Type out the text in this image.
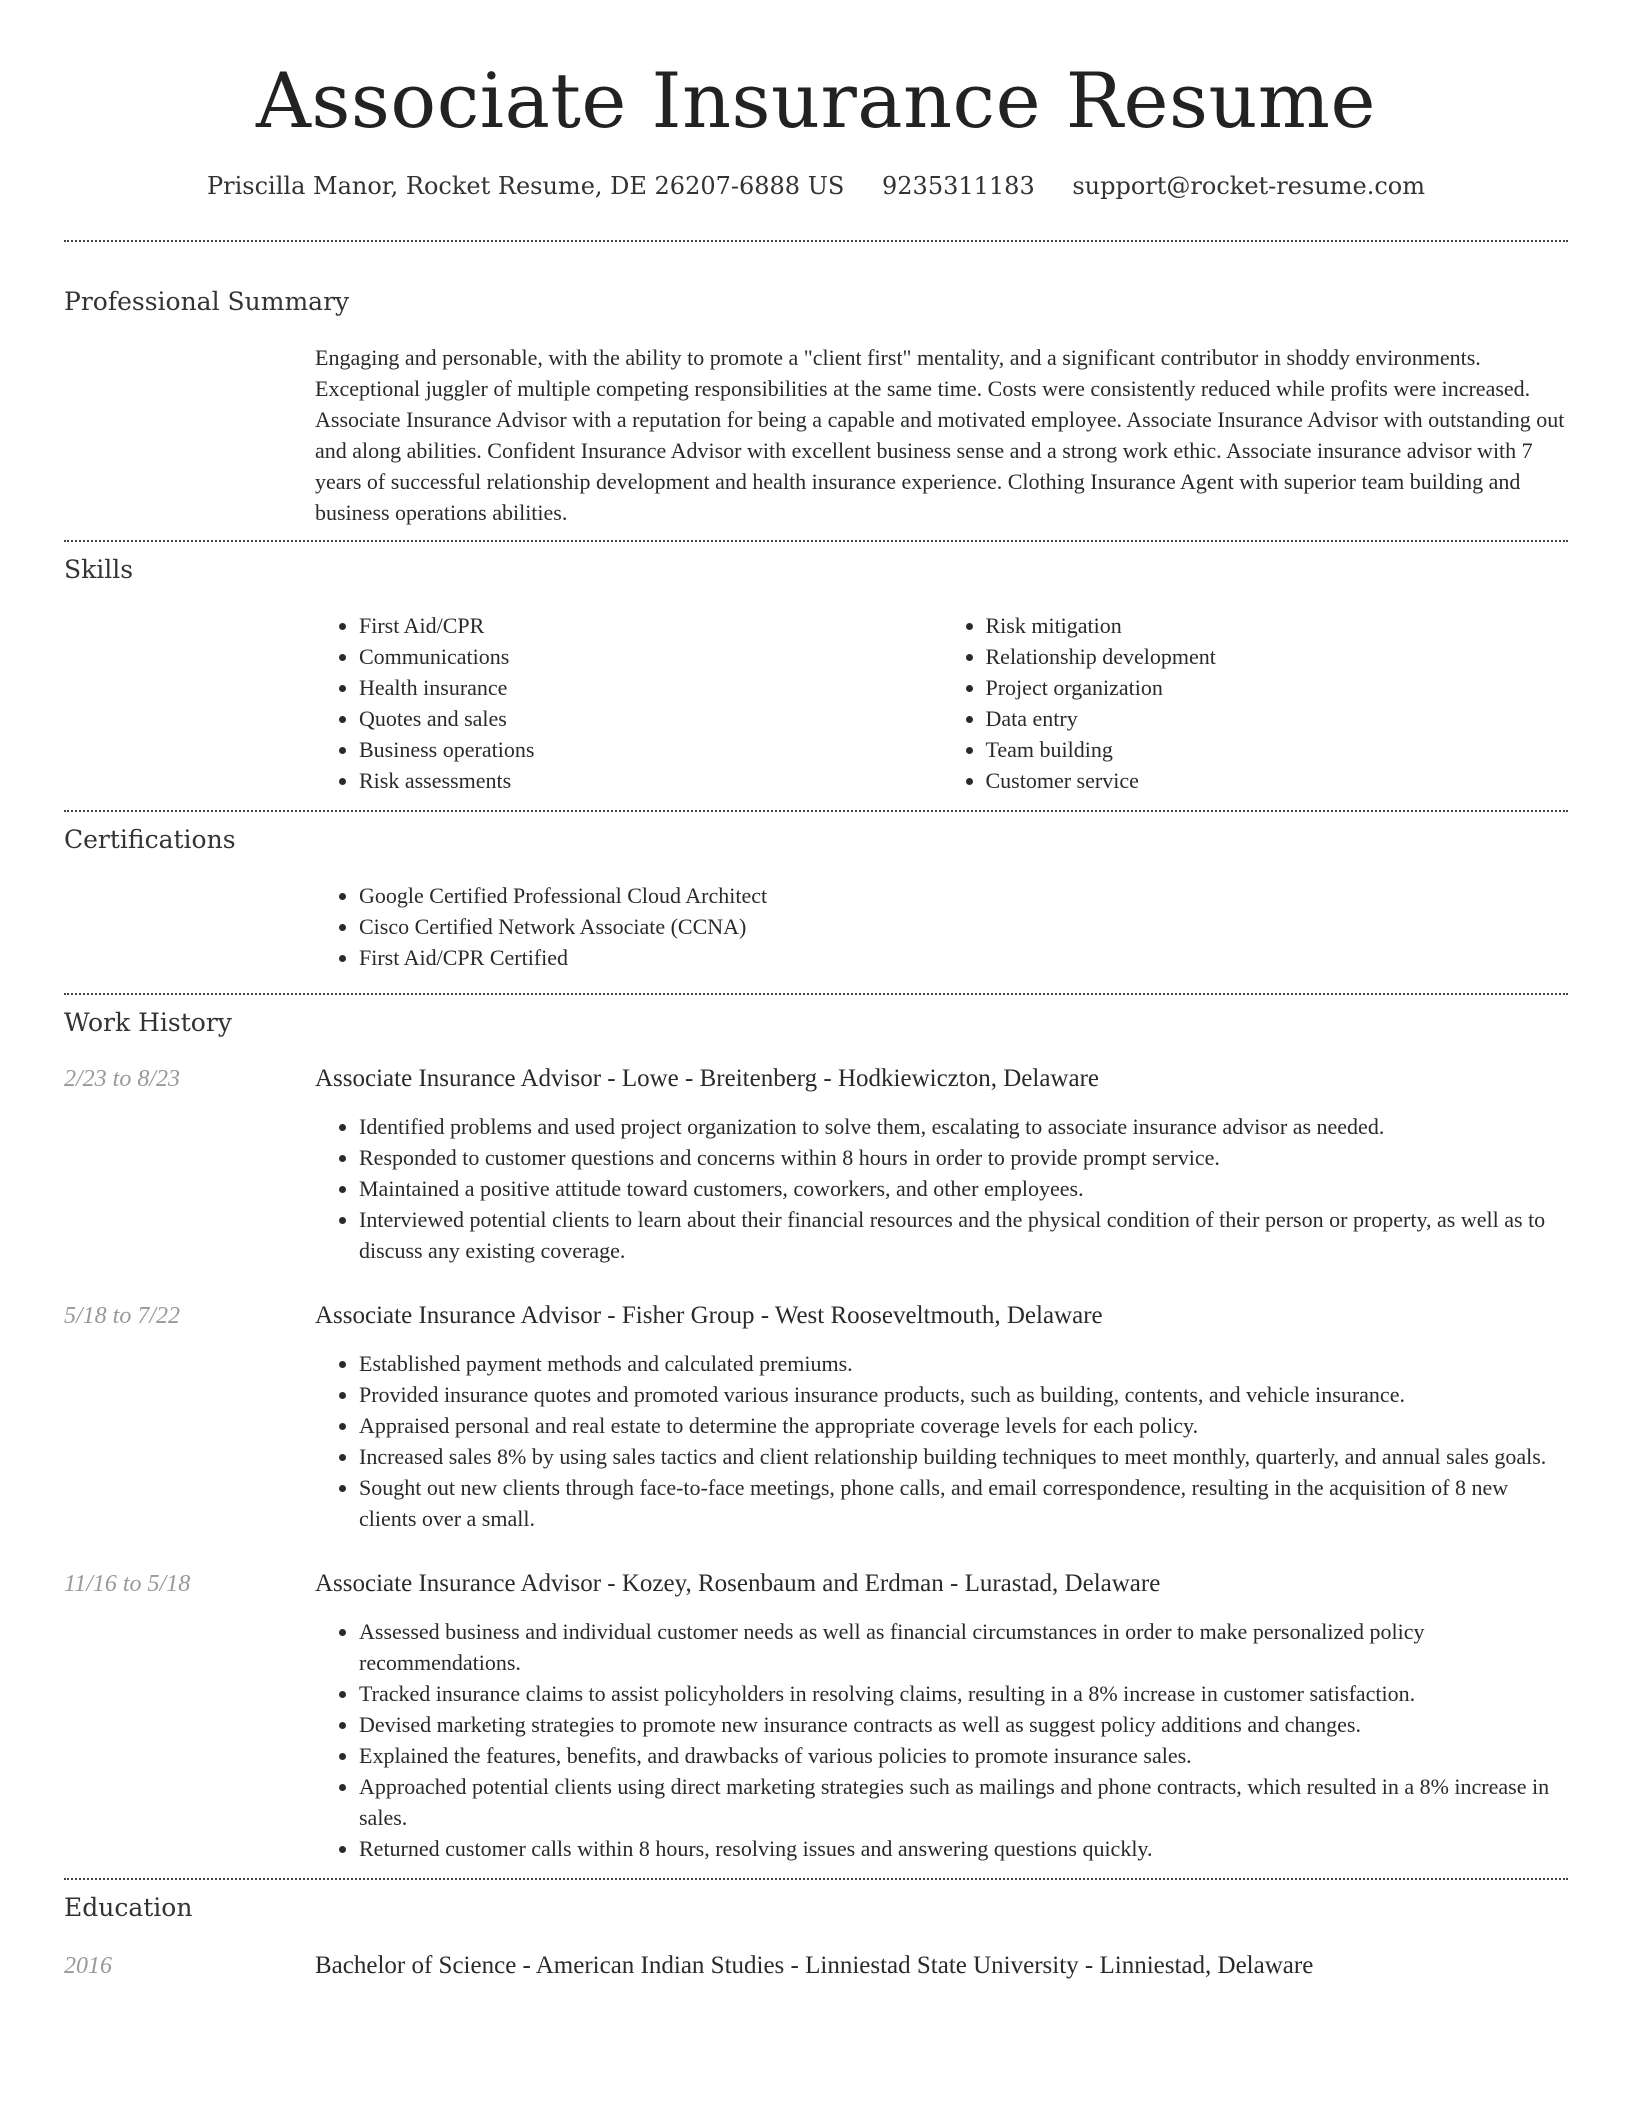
Associate Insurance Resume
Priscilla Manor, Rocket Resume, DE 26207-6888 US 9235311183 support@rocket-resume.com
Professional Summary
Engaging and personable, with the ability to promote a "client first" mentality, and a significant contributor in shoddy environments. Exceptional juggler of multiple competing responsibilities at the same time. Costs were consistently reduced while profits were increased. Associate Insurance Advisor with a reputation for being a capable and motivated employee. Associate Insurance Advisor with outstanding out and along abilities. Confident Insurance Advisor with excellent business sense and a strong work ethic. Associate insurance advisor with 7 years of successful relationship development and health insurance experience. Clothing Insurance Agent with superior team building and business operations abilities.
Skills
• First Aid/CPR
• Communications
• Health insurance
• Quotes and sales
• Business operations
• Risk assessments
• Risk mitigation
• Relationship development
• Project organization
• Data entry
• Team building
• Customer service
Certifications
• Google Certified Professional Cloud Architect
• Cisco Certified Network Associate (CCNA)
• First Aid/CPR Certified
Work History
2/23 to 8/23	Associate Insurance Advisor - Lowe - Breitenberg - Hodkiewiczton, Delaware
• Identified problems and used project organization to solve them, escalating to associate insurance advisor as needed.
• Responded to customer questions and concerns within 8 hours in order to provide prompt service.
• Maintained a positive attitude toward customers, coworkers, and other employees.
• Interviewed potential clients to learn about their financial resources and the physical condition of their person or property, as well as to discuss any existing coverage.
5/18 to 7/22	Associate Insurance Advisor - Fisher Group - West Rooseveltmouth, Delaware
• Established payment methods and calculated premiums.
• Provided insurance quotes and promoted various insurance products, such as building, contents, and vehicle insurance.
• Appraised personal and real estate to determine the appropriate coverage levels for each policy.
• Increased sales 8% by using sales tactics and client relationship building techniques to meet monthly, quarterly, and annual sales goals.
• Sought out new clients through face-to-face meetings, phone calls, and email correspondence, resulting in the acquisition of 8 new clients over a small.
11/16 to 5/18	Associate Insurance Advisor - Kozey, Rosenbaum and Erdman - Lurastad, Delaware
• Assessed business and individual customer needs as well as financial circumstances in order to make personalized policy recommendations.
• Tracked insurance claims to assist policyholders in resolving claims, resulting in a 8% increase in customer satisfaction.
• Devised marketing strategies to promote new insurance contracts as well as suggest policy additions and changes.
• Explained the features, benefits, and drawbacks of various policies to promote insurance sales.
• Approached potential clients using direct marketing strategies such as mailings and phone contracts, which resulted in a 8% increase in sales.
• Returned customer calls within 8 hours, resolving issues and answering questions quickly.
Education
2016	Bachelor of Science - American Indian Studies - Linniestad State University - Linniestad, Delaware
